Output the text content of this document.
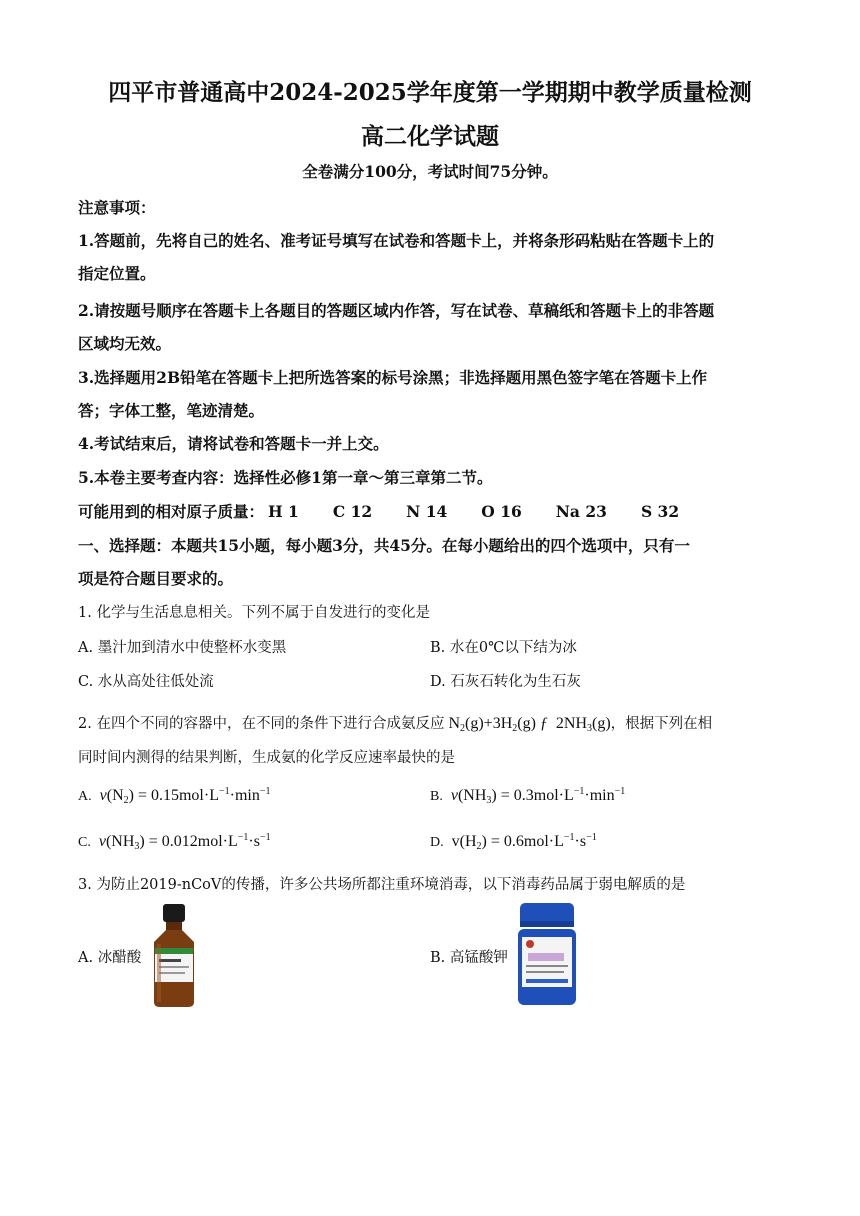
四平市普通高中2024-2025学年度第一学期期中教学质量检测
高二化学试题
全卷满分100分，考试时间75分钟。
注意事项：
1.答题前，先将自己的姓名、准考证号填写在试卷和答题卡上，并将条形码粘贴在答题卡上的
指定位置。
2.请按题号顺序在答题卡上各题目的答题区域内作答，写在试卷、草稿纸和答题卡上的非答题
区域均无效。
3.选择题用2B铅笔在答题卡上把所选答案的标号涂黑；非选择题用黑色签字笔在答题卡上作
答；字体工整，笔迹清楚。
4.考试结束后，请将试卷和答题卡一并上交。
5.本卷主要考查内容：选择性必修1第一章～第三章第二节。
可能用到的相对原子质量： H 1 C 12 N 14 O 16 Na 23 S 32
一、选择题：本题共15小题，每小题3分，共45分。在每小题给出的四个选项中，只有一
项是符合题目要求的。
1. 化学与生活息息相关。下列不属于自发进行的变化是
A. 墨汁加到清水中使整杯水变黑	B. 水在0℃以下结为冰
C. 水从高处往低处流	D. 石灰石转化为生石灰
2. 在四个不同的容器中，在不同的条件下进行合成氨反应 $N_2(g)+3H_2(g)$ ƒ  $2NH_3(g)$，根据下列在相
同时间内测得的结果判断，生成氨的化学反应速率最快的是
A. $v(N_2) = 0.15mol\cdot L^{-1}\cdot\min^{-1}$	B. $v(NH_3) = 0.3mol\cdot L^{-1}\cdot\min^{-1}$
C. $v(NH_3) = 0.012mol\cdot L^{-1}\cdot s^{-1}$	D.  $v(H_2) = 0.6mol\cdot L^{-1}\cdot s^{-1}$
3. 为防止2019-nCoV的传播，许多公共场所都注重环境消毒，以下消毒药品属于弱电解质的是
A. 冰醋酸	B. 高锰酸钾
